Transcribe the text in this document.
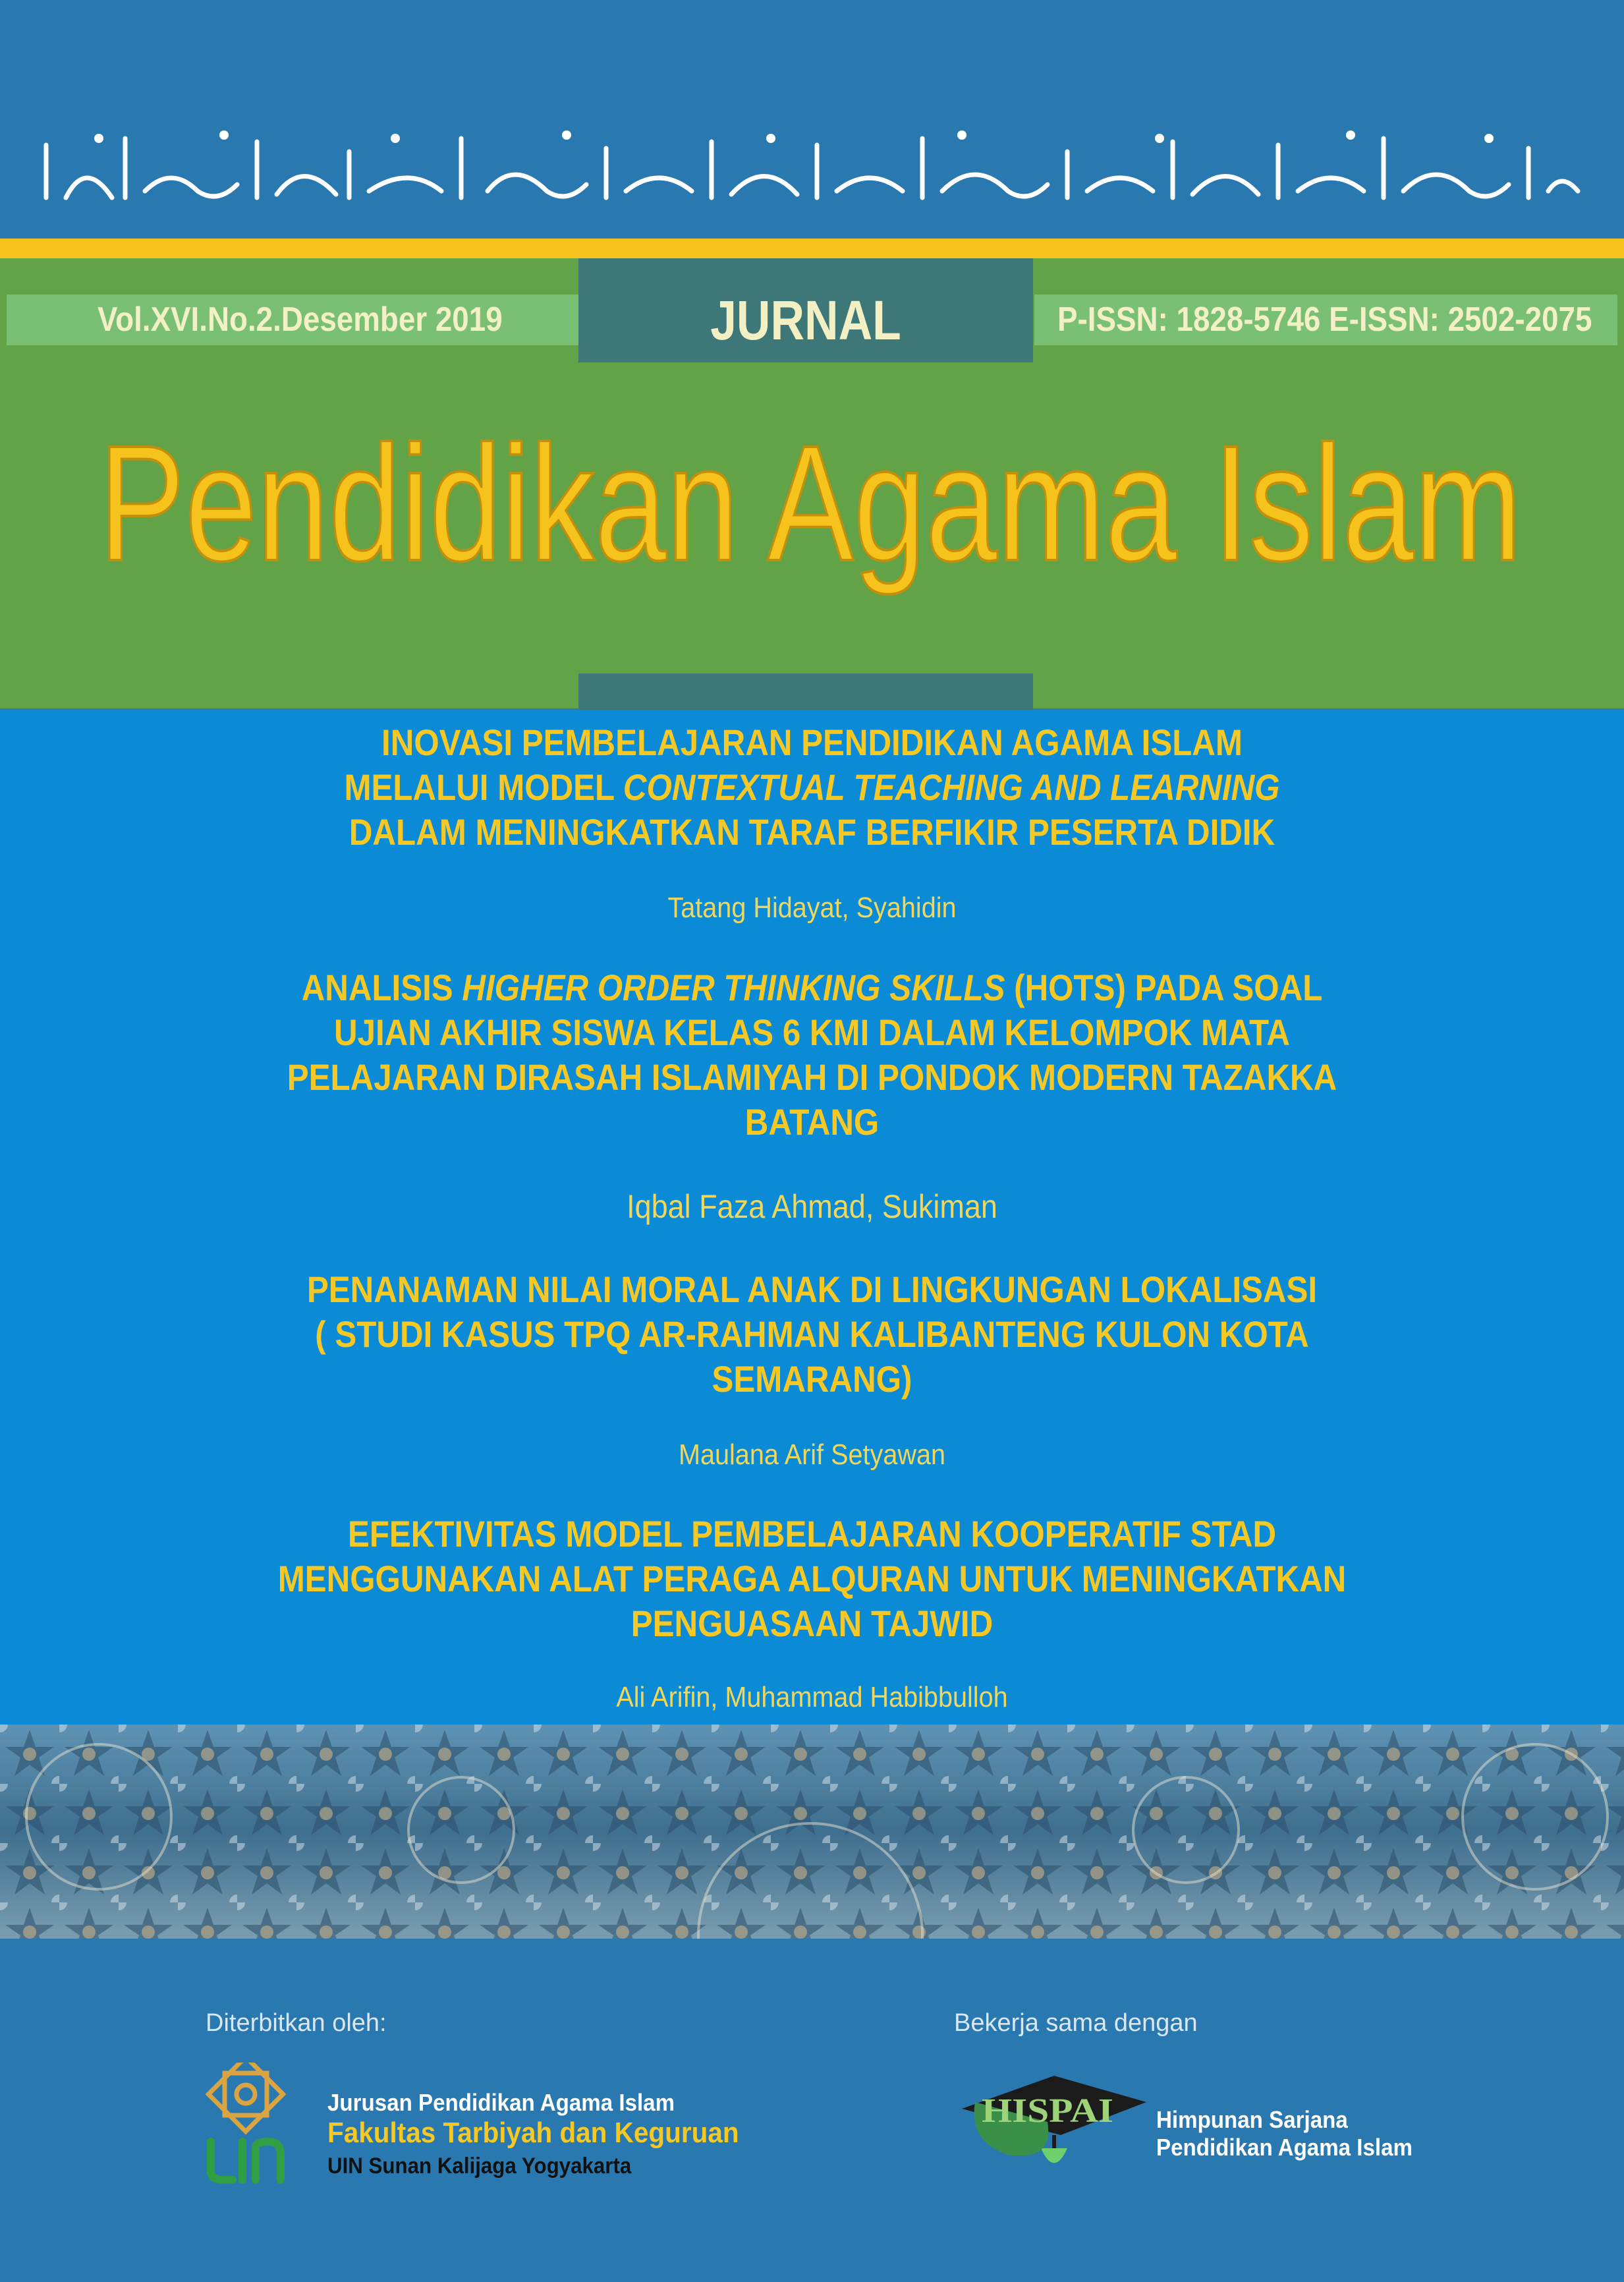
Vol.XVI.No.2.Desember 2019	P-ISSN: 1828-5746 E-ISSN: 2502-2075
JURNAL
Pendidikan Agama Islam
INOVASI PEMBELAJARAN PENDIDIKAN AGAMA ISLAM
MELALUI MODEL CONTEXTUAL TEACHING AND LEARNING
DALAM MENINGKATKAN TARAF BERFIKIR PESERTA DIDIK
Tatang Hidayat, Syahidin
ANALISIS HIGHER ORDER THINKING SKILLS (HOTS) PADA SOAL
UJIAN AKHIR SISWA KELAS 6 KMI DALAM KELOMPOK MATA
PELAJARAN DIRASAH ISLAMIYAH DI PONDOK MODERN TAZAKKA
BATANG
Iqbal Faza Ahmad, Sukiman
PENANAMAN NILAI MORAL ANAK DI LINGKUNGAN LOKALISASI
( STUDI KASUS TPQ AR-RAHMAN KALIBANTENG KULON KOTA
SEMARANG)
Maulana Arif Setyawan
EFEKTIVITAS MODEL PEMBELAJARAN KOOPERATIF STAD
MENGGUNAKAN ALAT PERAGA ALQURAN UNTUK MENINGKATKAN
PENGUASAAN TAJWID
Ali Arifin, Muhammad Habibbulloh
Diterbitkan oleh:	Bekerja sama dengan
Jurusan Pendidikan Agama Islam
Fakultas Tarbiyah dan Keguruan
UIN Sunan Kalijaga Yogyakarta
HISPAI Himpunan Sarjana
Pendidikan Agama Islam
